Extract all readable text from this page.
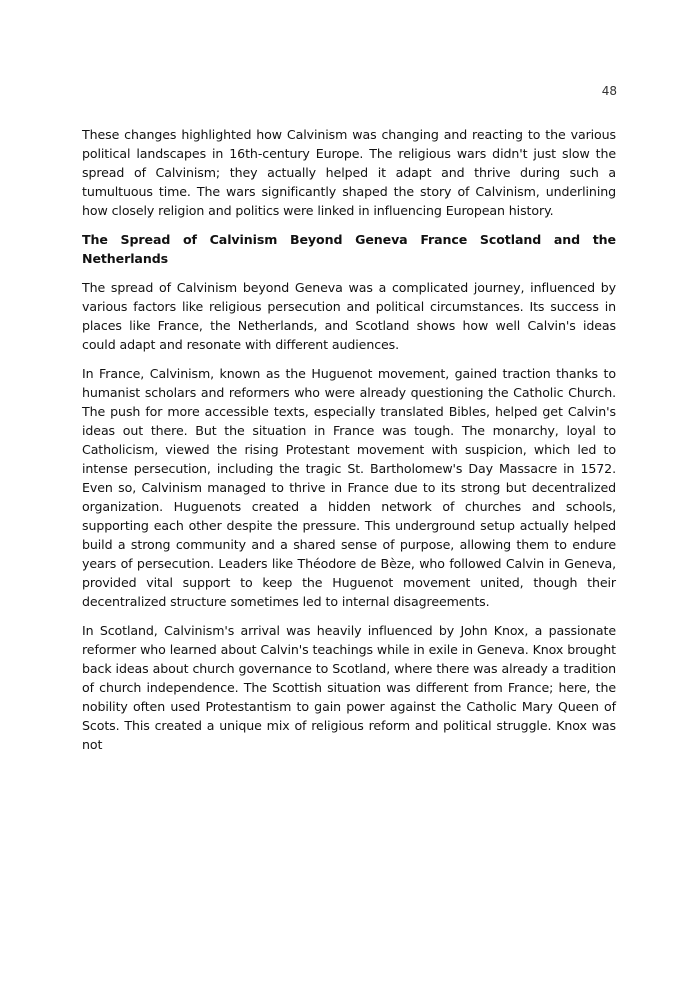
48

These changes highlighted how Calvinism was changing and reacting to the various political landscapes in 16th-century Europe. The religious wars didn't just slow the spread of Calvinism; they actually helped it adapt and thrive during such a tumultuous time. The wars significantly shaped the story of Calvinism, underlining how closely religion and politics were linked in influencing European history.

The Spread of Calvinism Beyond Geneva France Scotland and the Netherlands

The spread of Calvinism beyond Geneva was a complicated journey, influenced by various factors like religious persecution and political circumstances. Its success in places like France, the Netherlands, and Scotland shows how well Calvin's ideas could adapt and resonate with different audiences.

In France, Calvinism, known as the Huguenot movement, gained traction thanks to humanist scholars and reformers who were already questioning the Catholic Church. The push for more accessible texts, especially translated Bibles, helped get Calvin's ideas out there. But the situation in France was tough. The monarchy, loyal to Catholicism, viewed the rising Protestant movement with suspicion, which led to intense persecution, including the tragic St. Bartholomew's Day Massacre in 1572. Even so, Calvinism managed to thrive in France due to its strong but decentralized organization. Huguenots created a hidden network of churches and schools, supporting each other despite the pressure. This underground setup actually helped build a strong community and a shared sense of purpose, allowing them to endure years of persecution. Leaders like Théodore de Bèze, who followed Calvin in Geneva, provided vital support to keep the Huguenot movement united, though their decentralized structure sometimes led to internal disagreements.

In Scotland, Calvinism's arrival was heavily influenced by John Knox, a passionate reformer who learned about Calvin's teachings while in exile in Geneva. Knox brought back ideas about church governance to Scotland, where there was already a tradition of church independence. The Scottish situation was different from France; here, the nobility often used Protestantism to gain power against the Catholic Mary Queen of Scots. This created a unique mix of religious reform and political struggle. Knox was not
